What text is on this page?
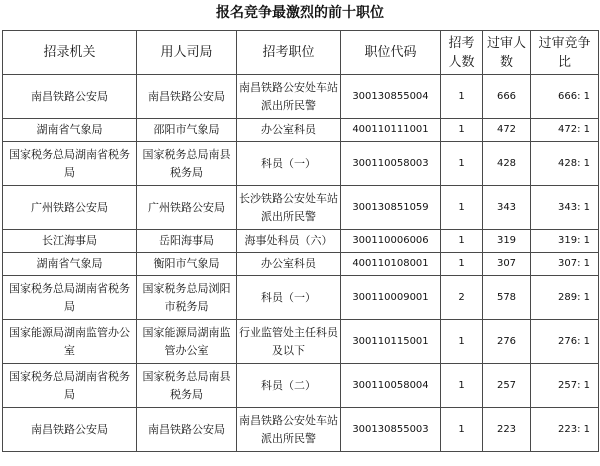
报名竞争最激烈的前十职位
招录机关	用人司局	招考职位	职位代码	招考人数	过审人数	过审竞争比
南昌铁路公安局	南昌铁路公安局	南昌铁路公安处车站派出所民警	300130855004	1	666	666: 1
湖南省气象局	邵阳市气象局	办公室科员	400110111001	1	472	472: 1
国家税务总局湖南省税务局	国家税务总局南县税务局	科员（一）	300110058003	1	428	428: 1
广州铁路公安局	广州铁路公安局	长沙铁路公安处车站派出所民警	300130851059	1	343	343: 1
长江海事局	岳阳海事局	海事处科员（六）	300110006006	1	319	319: 1
湖南省气象局	衡阳市气象局	办公室科员	400110108001	1	307	307: 1
国家税务总局湖南省税务局	国家税务总局浏阳市税务局	科员（一）	300110009001	2	578	289: 1
国家能源局湖南监管办公室	国家能源局湖南监管办公室	行业监管处主任科员及以下	300110115001	1	276	276: 1
国家税务总局湖南省税务局	国家税务总局南县税务局	科员（二）	300110058004	1	257	257: 1
南昌铁路公安局	南昌铁路公安局	南昌铁路公安处车站派出所民警	300130855003	1	223	223: 1
